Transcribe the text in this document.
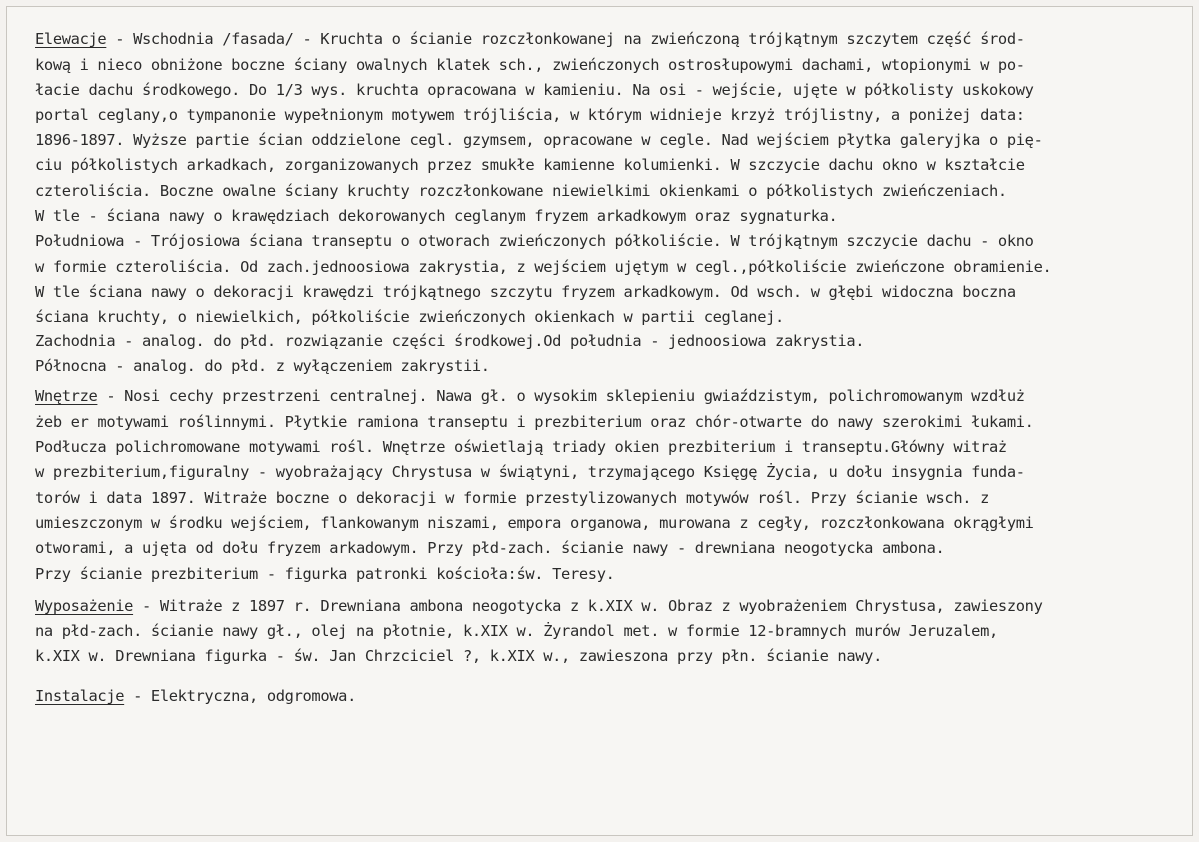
Elewacje - Wschodnia /fasada/ - Kruchta o ścianie rozczłonkowanej na zwieńczoną trójkątnym szczytem część środ-
kową i nieco obniżone boczne ściany owalnych klatek sch., zwieńczonych ostrosłupowymi dachami, wtopionymi w po-
łacie dachu środkowego. Do 1/3 wys. kruchta opracowana w kamieniu. Na osi - wejście, ujęte w półkolisty uskokowy
portal ceglany,o tympanonie wypełnionym motywem trójliścia, w którym widnieje krzyż trójlistny, a poniżej data:
1896-1897. Wyższe partie ścian oddzielone cegl. gzymsem, opracowane w cegle. Nad wejściem płytka galeryjka o pię-
ciu półkolistych arkadkach, zorganizowanych przez smukłe kamienne kolumienki. W szczycie dachu okno w kształcie
czteroliścia. Boczne owalne ściany kruchty rozczłonkowane niewielkimi okienkami o półkolistych zwieńczeniach.
W tle - ściana nawy o krawędziach dekorowanych ceglanym fryzem arkadkowym oraz sygnaturka.
Południowa - Trójosiowa ściana transeptu o otworach zwieńczonych półkoliście. W trójkątnym szczycie dachu - okno
w formie czteroliścia. Od zach.jednoosiowa zakrystia, z wejściem ujętym w cegl.,półkoliście zwieńczone obramienie.
W tle ściana nawy o dekoracji krawędzi trójkątnego szczytu fryzem arkadkowym. Od wsch. w głębi widoczna boczna
ściana kruchty, o niewielkich, półkoliście zwieńczonych okienkach w partii ceglanej.
Zachodnia - analog. do płd. rozwiązanie części środkowej.Od południa - jednoosiowa zakrystia.
Północna - analog. do płd. z wyłączeniem zakrystii.
Wnętrze - Nosi cechy przestrzeni centralnej. Nawa gł. o wysokim sklepieniu gwiaździstym, polichromowanym wzdłuż
żeb er motywami roślinnymi. Płytkie ramiona transeptu i prezbiterium oraz chór-otwarte do nawy szerokimi łukami.
Podłucza polichromowane motywami rośl. Wnętrze oświetlają triady okien prezbiterium i transeptu.Główny witraż
w prezbiterium,figuralny - wyobrażający Chrystusa w świątyni, trzymającego Księgę Życia, u dołu insygnia funda-
torów i data 1897. Witraże boczne o dekoracji w formie przestylizowanych motywów rośl. Przy ścianie wsch. z
umieszczonym w środku wejściem, flankowanym niszami, empora organowa, murowana z cegły, rozczłonkowana okrągłymi
otworami, a ujęta od dołu fryzem arkadowym. Przy płd-zach. ścianie nawy - drewniana neogotycka ambona.
Przy ścianie prezbiterium - figurka patronki kościoła:św. Teresy.
Wyposażenie - Witraże z 1897 r. Drewniana ambona neogotycka z k.XIX w. Obraz z wyobrażeniem Chrystusa, zawieszony
na płd-zach. ścianie nawy gł., olej na płotnie, k.XIX w. Żyrandol met. w formie 12-bramnych murów Jeruzalem,
k.XIX w. Drewniana figurka - św. Jan Chrzciciel ?, k.XIX w., zawieszona przy płn. ścianie nawy.
Instalacje - Elektryczna, odgromowa.
